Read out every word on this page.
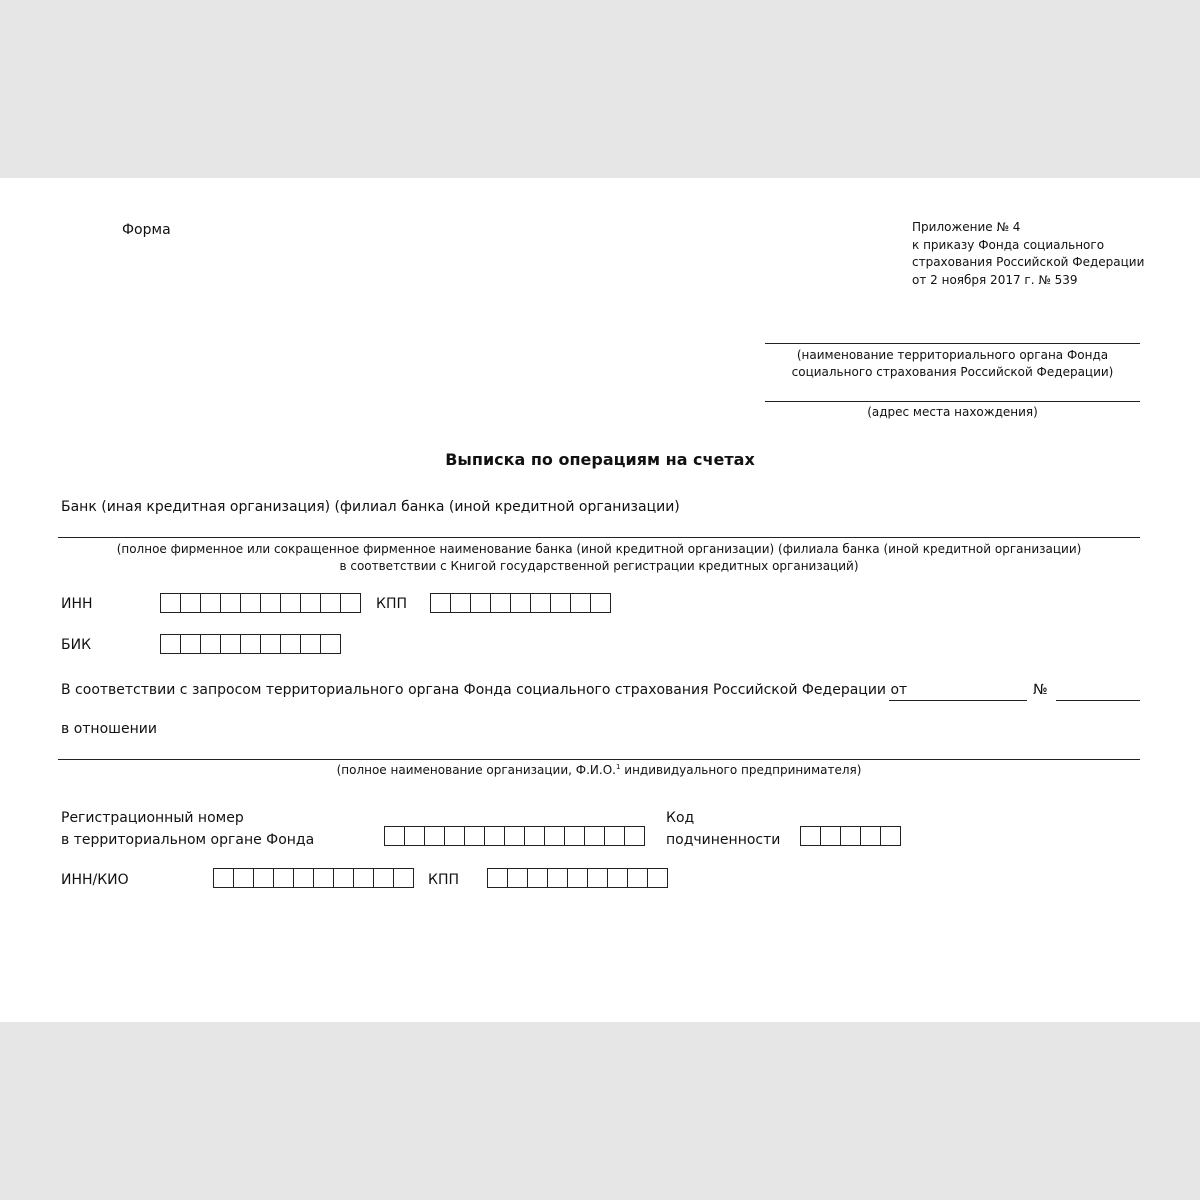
Форма	Приложение № 4
к приказу Фонда социального
страхования Российской Федерации
от 2 ноября 2017 г. № 539
(наименование территориального органа Фонда
социального страхования Российской Федерации)
(адрес места нахождения)
Выписка по операциям на счетах
Банк (иная кредитная организация) (филиал банка (иной кредитной организации)
(полное фирменное или сокращенное фирменное наименование банка (иной кредитной организации) (филиала банка (иной кредитной организации)
в соответствии с Книгой государственной регистрации кредитных организаций)
ИНН	КПП
БИК
В соответствии с запросом территориального органа Фонда социального страхования Российской Федерации от	№
в отношении
(полное наименование организации, Ф.И.О.$^1$ индивидуального предпринимателя)
Регистрационный номер
в территориальном органе Фонда
Код
подчиненности
ИНН/КИО	КПП
